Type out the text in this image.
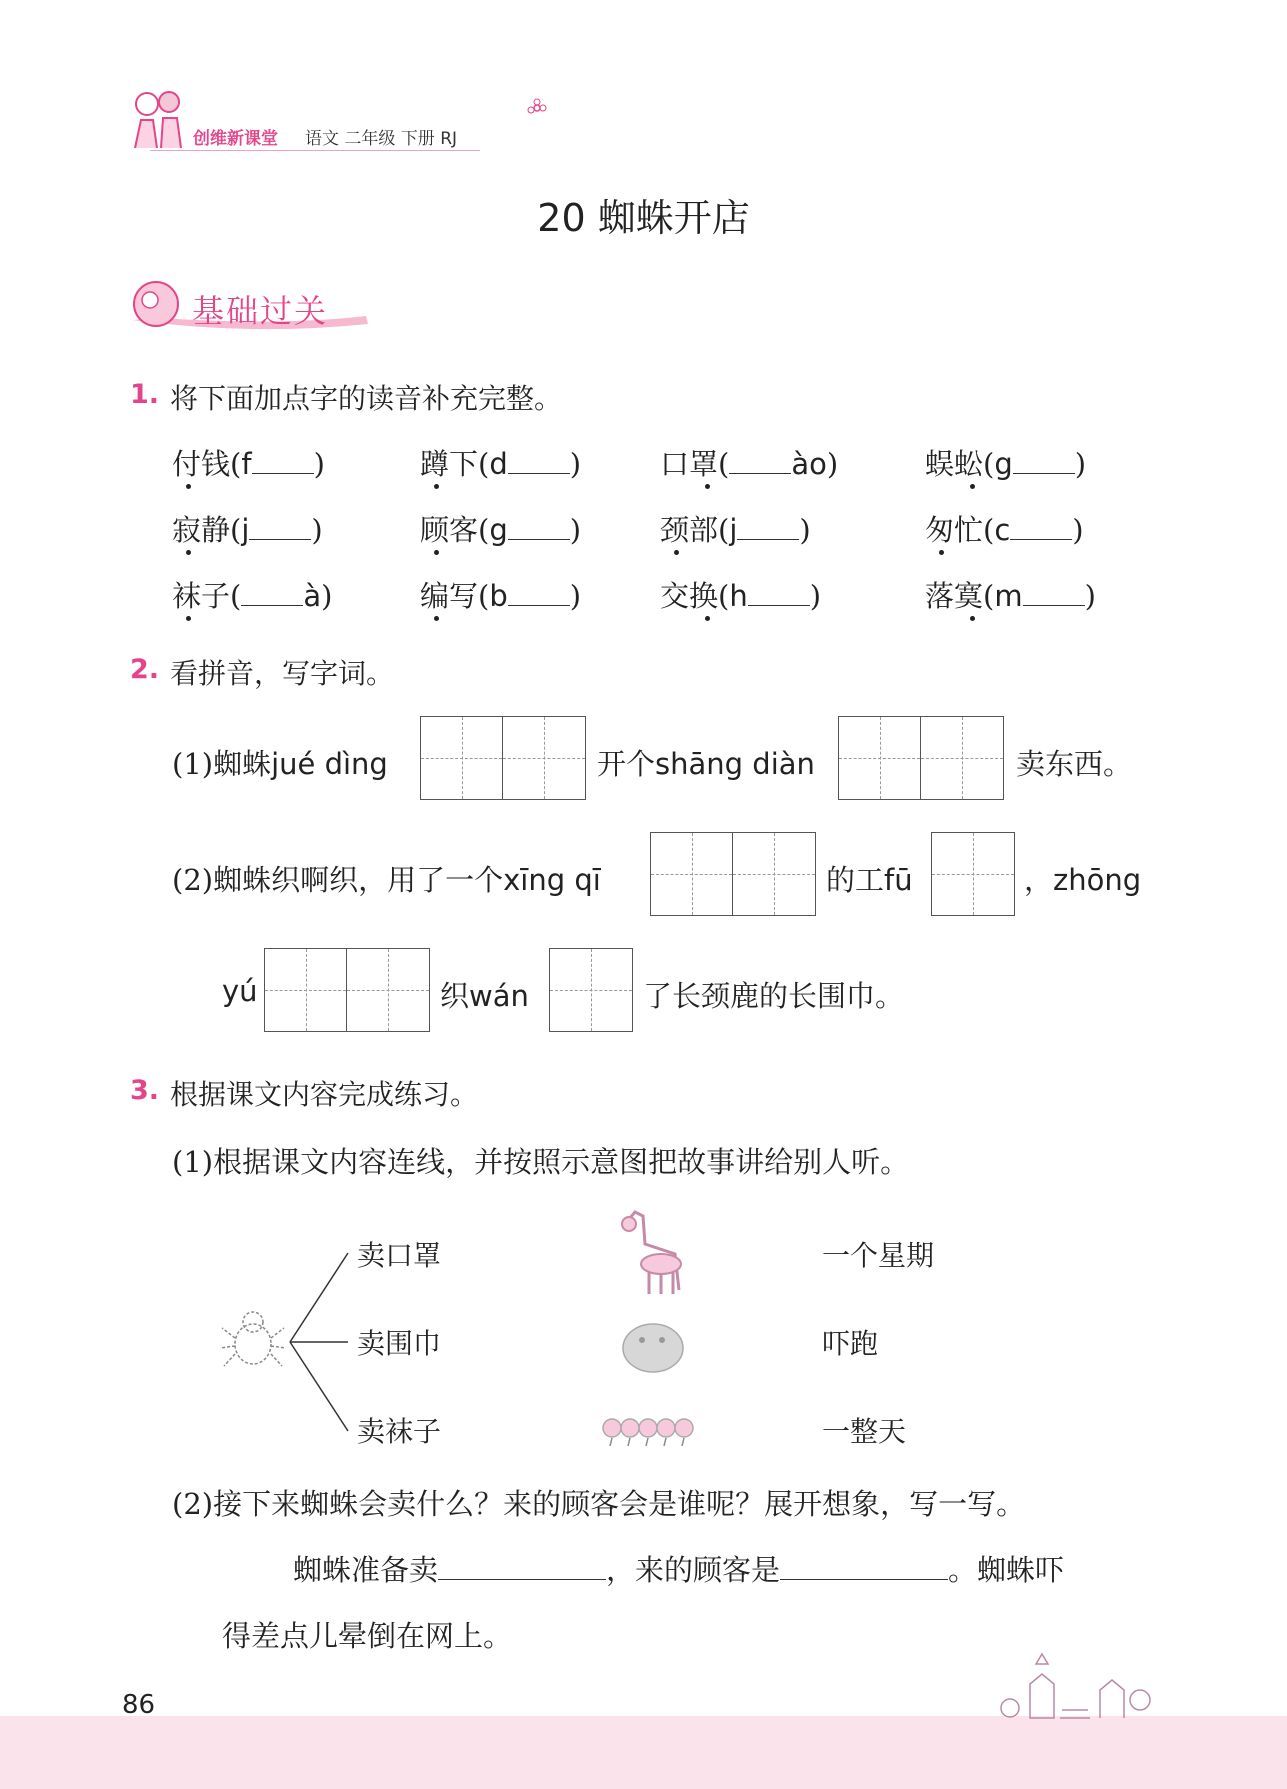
创维新课堂 语文 二年级 下册 RJ
20 蜘蛛开店
基础过关
1. 将下面加点字的读音补充完整。
付钱(f )	蹲下(d )	口罩( ào)	蜈蚣(g )
寂静(j )	顾客(g )	颈部(j )	匆忙(c )
袜子( à)	编写(b )	交换(h )	落寞(m )
2. 看拼音，写字词。
(1)蜘蛛jué dìng	开个shāng diàn	卖东西。
(2)蜘蛛织啊织，用了一个xīng qī	的工fū	，zhōng
yú	织wán	了长颈鹿的长围巾。
3. 根据课文内容完成练习。
(1)根据课文内容连线，并按照示意图把故事讲给别人听。
卖口罩
卖围巾
卖袜子
一个星期
吓跑
一整天
(2)接下来蜘蛛会卖什么？来的顾客会是谁呢？展开想象，写一写。
蜘蛛准备卖	，来的顾客是	。蜘蛛吓
得差点儿晕倒在网上。
86
